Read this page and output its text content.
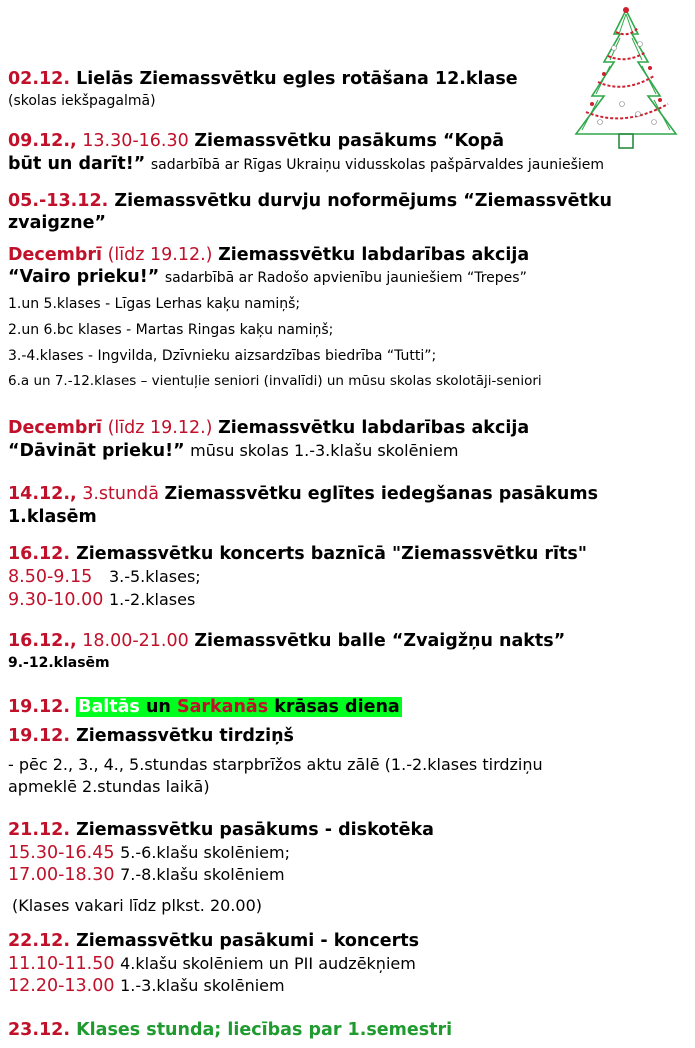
02.12. Lielās Ziemassvētku egles rotāšana 12.klase
(skolas iekšpagalmā)
09.12., 13.30-16.30 Ziemassvētku pasākums “Kopā
būt un darīt!” sadarbībā ar Rīgas Ukraiņu vidusskolas pašpārvaldes jauniešiem
05.-13.12. Ziemassvētku durvju noformējums “Ziemassvētku
zvaigzne”
Decembrī (līdz 19.12.) Ziemassvētku labdarības akcija
“Vairo prieku!” sadarbībā ar Radošo apvienību jauniešiem “Trepes”
1.un 5.klases - Līgas Lerhas kaķu namiņš;
2.un 6.bc klases - Martas Ringas kaķu namiņš;
3.-4.klases - Ingvilda, Dzīvnieku aizsardzības biedrība “Tutti”;
6.a un 7.-12.klases – vientuļie seniori (invalīdi) un mūsu skolas skolotāji-seniori
Decembrī (līdz 19.12.) Ziemassvētku labdarības akcija
“Dāvināt prieku!” mūsu skolas 1.-3.klašu skolēniem
14.12., 3.stundā Ziemassvētku eglītes iedegšanas pasākums
1.klasēm
16.12. Ziemassvētku koncerts baznīcā "Ziemassvētku rīts"
8.50-9.15 3.-5.klases;
9.30-10.00 1.-2.klases
16.12., 18.00-21.00 Ziemassvētku balle “Zvaigžņu nakts”
9.-12.klasēm
19.12. Baltās un Sarkanās krāsas diena
19.12. Ziemassvētku tirdziņš
- pēc 2., 3., 4., 5.stundas starpbrīžos aktu zālē (1.-2.klases tirdziņu
apmeklē 2.stundas laikā)
21.12. Ziemassvētku pasākums - diskotēka
15.30-16.45 5.-6.klašu skolēniem;
17.00-18.30 7.-8.klašu skolēniem
(Klases vakari līdz plkst. 20.00)
22.12. Ziemassvētku pasākumi - koncerts
11.10-11.50 4.klašu skolēniem un PII audzēkņiem
12.20-13.00 1.-3.klašu skolēniem
23.12. Klases stunda; liecības par 1.semestri
